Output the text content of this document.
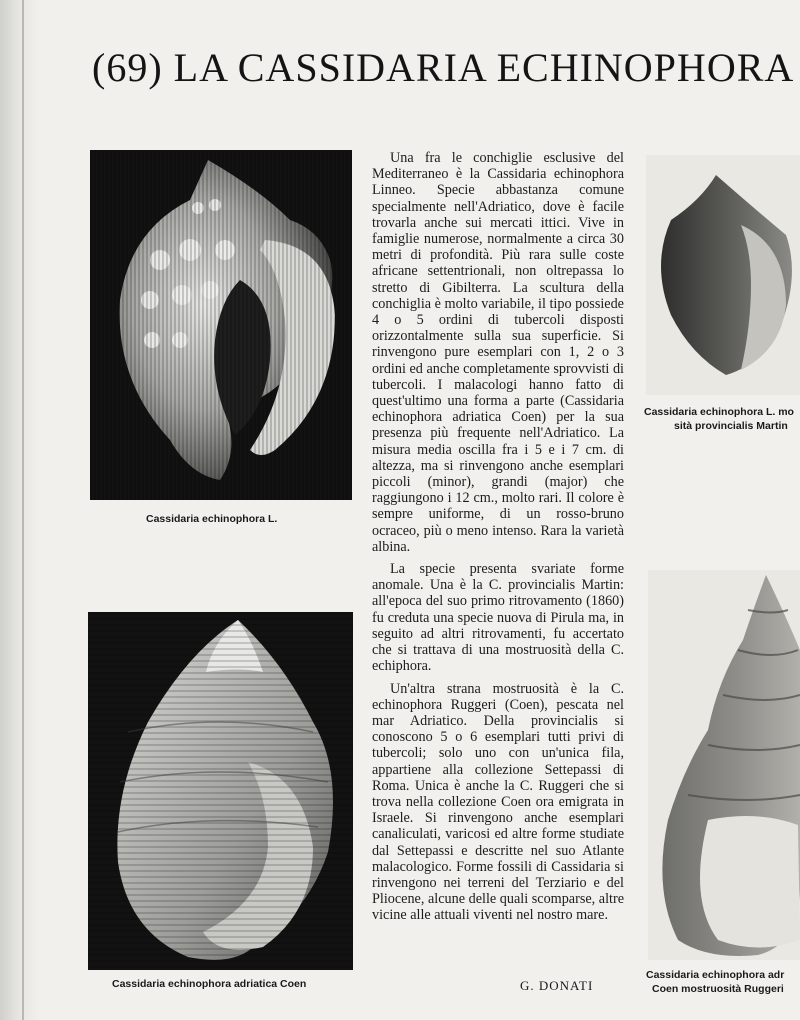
(69) LA CASSIDARIA ECHINOPHORA
Cassidaria echinophora L.
Cassidaria echinophora adriatica Coen
Cassidaria echinophora L. mo
sità provincialis Martin
Cassidaria echinophora adr
Coen mostruosità Ruggeri

Una fra le conchiglie esclusive del Mediterraneo è la Cassidaria echinophora Linneo. Specie abbastanza comune specialmente nell'Adriatico, dove è facile trovarla anche sui mercati ittici. Vive in famiglie numerose, normalmente a circa 30 metri di profondità. Più rara sulle coste africane settentrionali, non oltrepassa lo stretto di Gibilterra. La scultura della conchiglia è molto variabile, il tipo possiede 4 o 5 ordini di tubercoli disposti orizzontalmente sulla sua superficie. Si rinvengono pure esemplari con 1, 2 o 3 ordini ed anche completamente sprovvisti di tubercoli. I malacologi hanno fatto di quest'ultimo una forma a parte (Cassidaria echinophora adriatica Coen) per la sua presenza più frequente nell'Adriatico. La misura media oscilla fra i 5 e i 7 cm. di altezza, ma si rinvengono anche esemplari piccoli (minor), grandi (major) che raggiungono i 12 cm., molto rari. Il colore è sempre uniforme, di un rosso-bruno ocraceo, più o meno intenso. Rara la varietà albina.

La specie presenta svariate forme anomale. Una è la C. provincialis Martin: all'epoca del suo primo ritrovamento (1860) fu creduta una specie nuova di Pirula ma, in seguito ad altri ritrovamenti, fu accertato che si trattava di una mostruosità della C. echiphora.

Un'altra strana mostruosità è la C. echinophora Ruggeri (Coen), pescata nel mar Adriatico. Della provincialis si conoscono 5 o 6 esemplari tutti privi di tubercoli; solo uno con un'unica fila, appartiene alla collezione Settepassi di Roma. Unica è anche la C. Ruggeri che si trova nella collezione Coen ora emigrata in Israele. Si rinvengono anche esemplari canaliculati, varicosi ed altre forme studiate dal Settepassi e descritte nel suo Atlante malacologico. Forme fossili di Cassidaria si rinvengono nei terreni del Terziario e del Pliocene, alcune delle quali scomparse, altre vicine alle attuali viventi nel nostro mare.

G. DONATI
